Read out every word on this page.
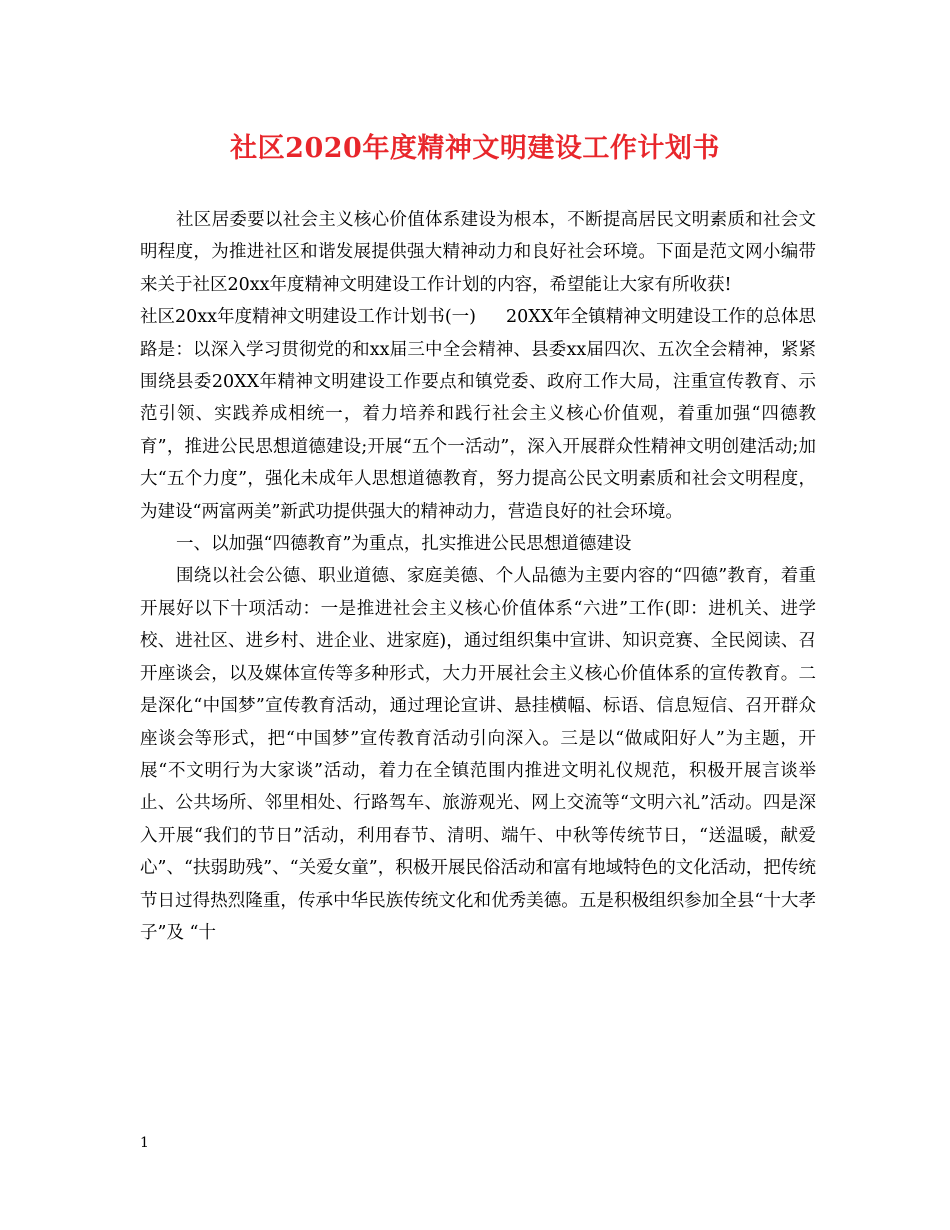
社区2020年度精神文明建设工作计划书

社区居委要以社会主义核心价值体系建设为根本，不断提高居民文明素质和社会文明程度，为推进社区和谐发展提供强大精神动力和良好社会环境。下面是范文网小编带来关于社区20xx年度精神文明建设工作计划的内容，希望能让大家有所收获!

社区20xx年度精神文明建设工作计划书(一) 20XX年全镇精神文明建设工作的总体思路是：以深入学习贯彻党的和xx届三中全会精神、县委xx届四次、五次全会精神，紧紧围绕县委20XX年精神文明建设工作要点和镇党委、政府工作大局，注重宣传教育、示范引领、实践养成相统一，着力培养和践行社会主义核心价值观，着重加强“四德教育”，推进公民思想道德建设;开展“五个一活动”，深入开展群众性精神文明创建活动;加大“五个力度”，强化未成年人思想道德教育，努力提高公民文明素质和社会文明程度，为建设“两富两美”新武功提供强大的精神动力，营造良好的社会环境。

一、以加强“四德教育”为重点，扎实推进公民思想道德建设

围绕以社会公德、职业道德、家庭美德、个人品德为主要内容的“四德”教育，着重开展好以下十项活动：一是推进社会主义核心价值体系“六进”工作(即：进机关、进学校、进社区、进乡村、进企业、进家庭)，通过组织集中宣讲、知识竞赛、全民阅读、召开座谈会，以及媒体宣传等多种形式，大力开展社会主义核心价值体系的宣传教育。二是深化“中国梦”宣传教育活动，通过理论宣讲、悬挂横幅、标语、信息短信、召开群众座谈会等形式，把“中国梦”宣传教育活动引向深入。三是以“做咸阳好人”为主题，开展“不文明行为大家谈”活动，着力在全镇范围内推进文明礼仪规范，积极开展言谈举止、公共场所、邻里相处、行路驾车、旅游观光、网上交流等“文明六礼”活动。四是深入开展“我们的节日”活动，利用春节、清明、端午、中秋等传统节日，“送温暖，献爱心”、“扶弱助残”、“关爱女童”，积极开展民俗活动和富有地域特色的文化活动，把传统节日过得热烈隆重，传承中华民族传统文化和优秀美德。五是积极组织参加全县“十大孝子”及 “十

1
